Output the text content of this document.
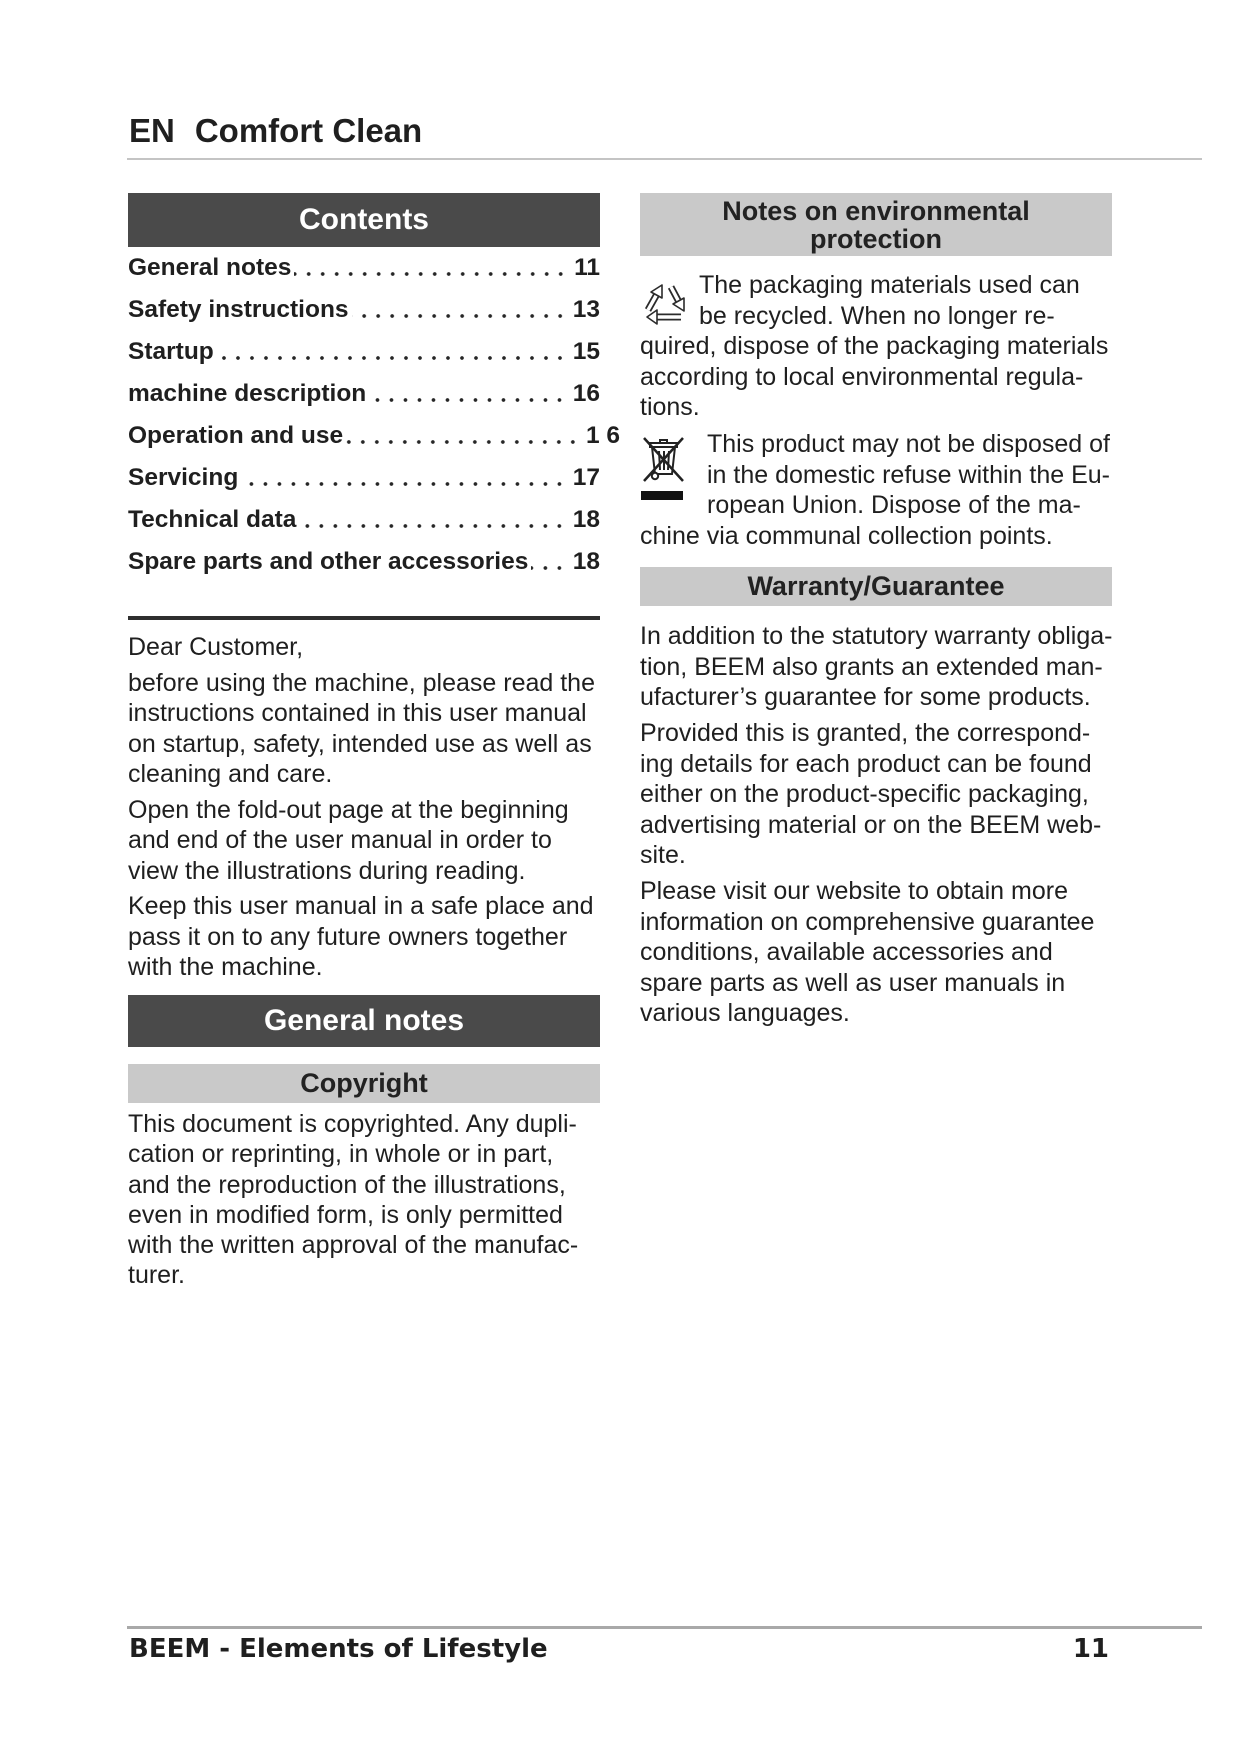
EN Comfort Clean
Contents
General notes	11
Safety instructions	13
Startup	15
machine description	16
Operation and use	1 6
Servicing	17
Technical data	18
Spare parts and other accessories 18
Dear Customer,
before using the machine, please read the
instructions contained in this user manual
on startup, safety, intended use as well as
cleaning and care.
Open the fold-out page at the beginning
and end of the user manual in order to
view the illustrations during reading.
Keep this user manual in a safe place and
pass it on to any future owners together
with the machine.
General notes
Copyright
This document is copyrighted. Any dupli-
cation or reprinting, in whole or in part,
and the reproduction of the illustrations,
even in modified form, is only permitted
with the written approval of the manufac-
turer.
Notes on environmental protection
The packaging materials used can
be recycled. When no longer re-
quired, dispose of the packaging materials
according to local environmental regula-
tions.
This product may not be disposed of
in the domestic refuse within the Eu-
ropean Union. Dispose of the ma-
chine via communal collection points.
Warranty/Guarantee
In addition to the statutory warranty obliga-
tion, BEEM also grants an extended man-
ufacturer’s guarantee for some products.
Provided this is granted, the correspond-
ing details for each product can be found
either on the product-specific packaging,
advertising material or on the BEEM web-
site.
Please visit our website to obtain more
information on comprehensive guarantee
conditions, available accessories and
spare parts as well as user manuals in
various languages.
BEEM - Elements of Lifestyle	11
